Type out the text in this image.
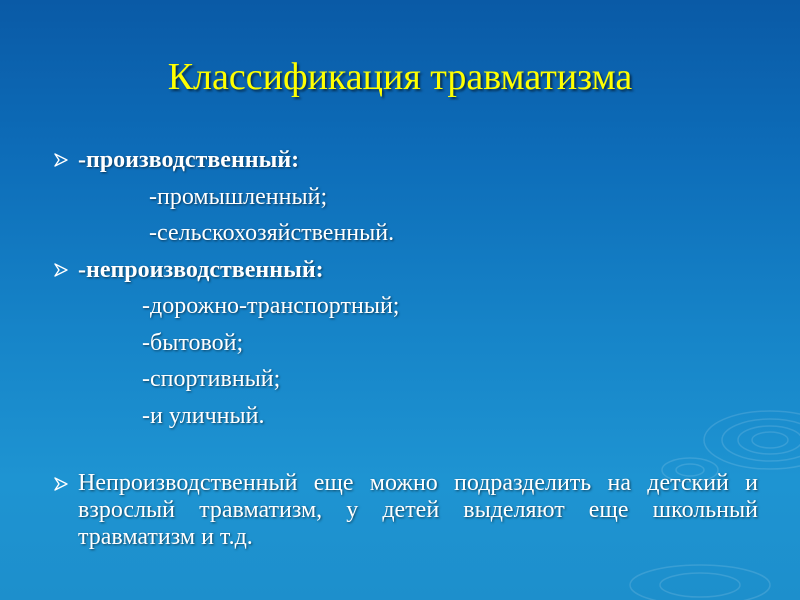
Классификация травматизма
-производственный:
-промышленный;
-сельскохозяйственный.
-непроизводственный:
-дорожно-транспортный;
-бытовой;
-спортивный;
-и уличный.
Непроизводственный еще можно подразделить на детский и взрослый травматизм, у детей выделяют еще школьный травматизм и т.д.
